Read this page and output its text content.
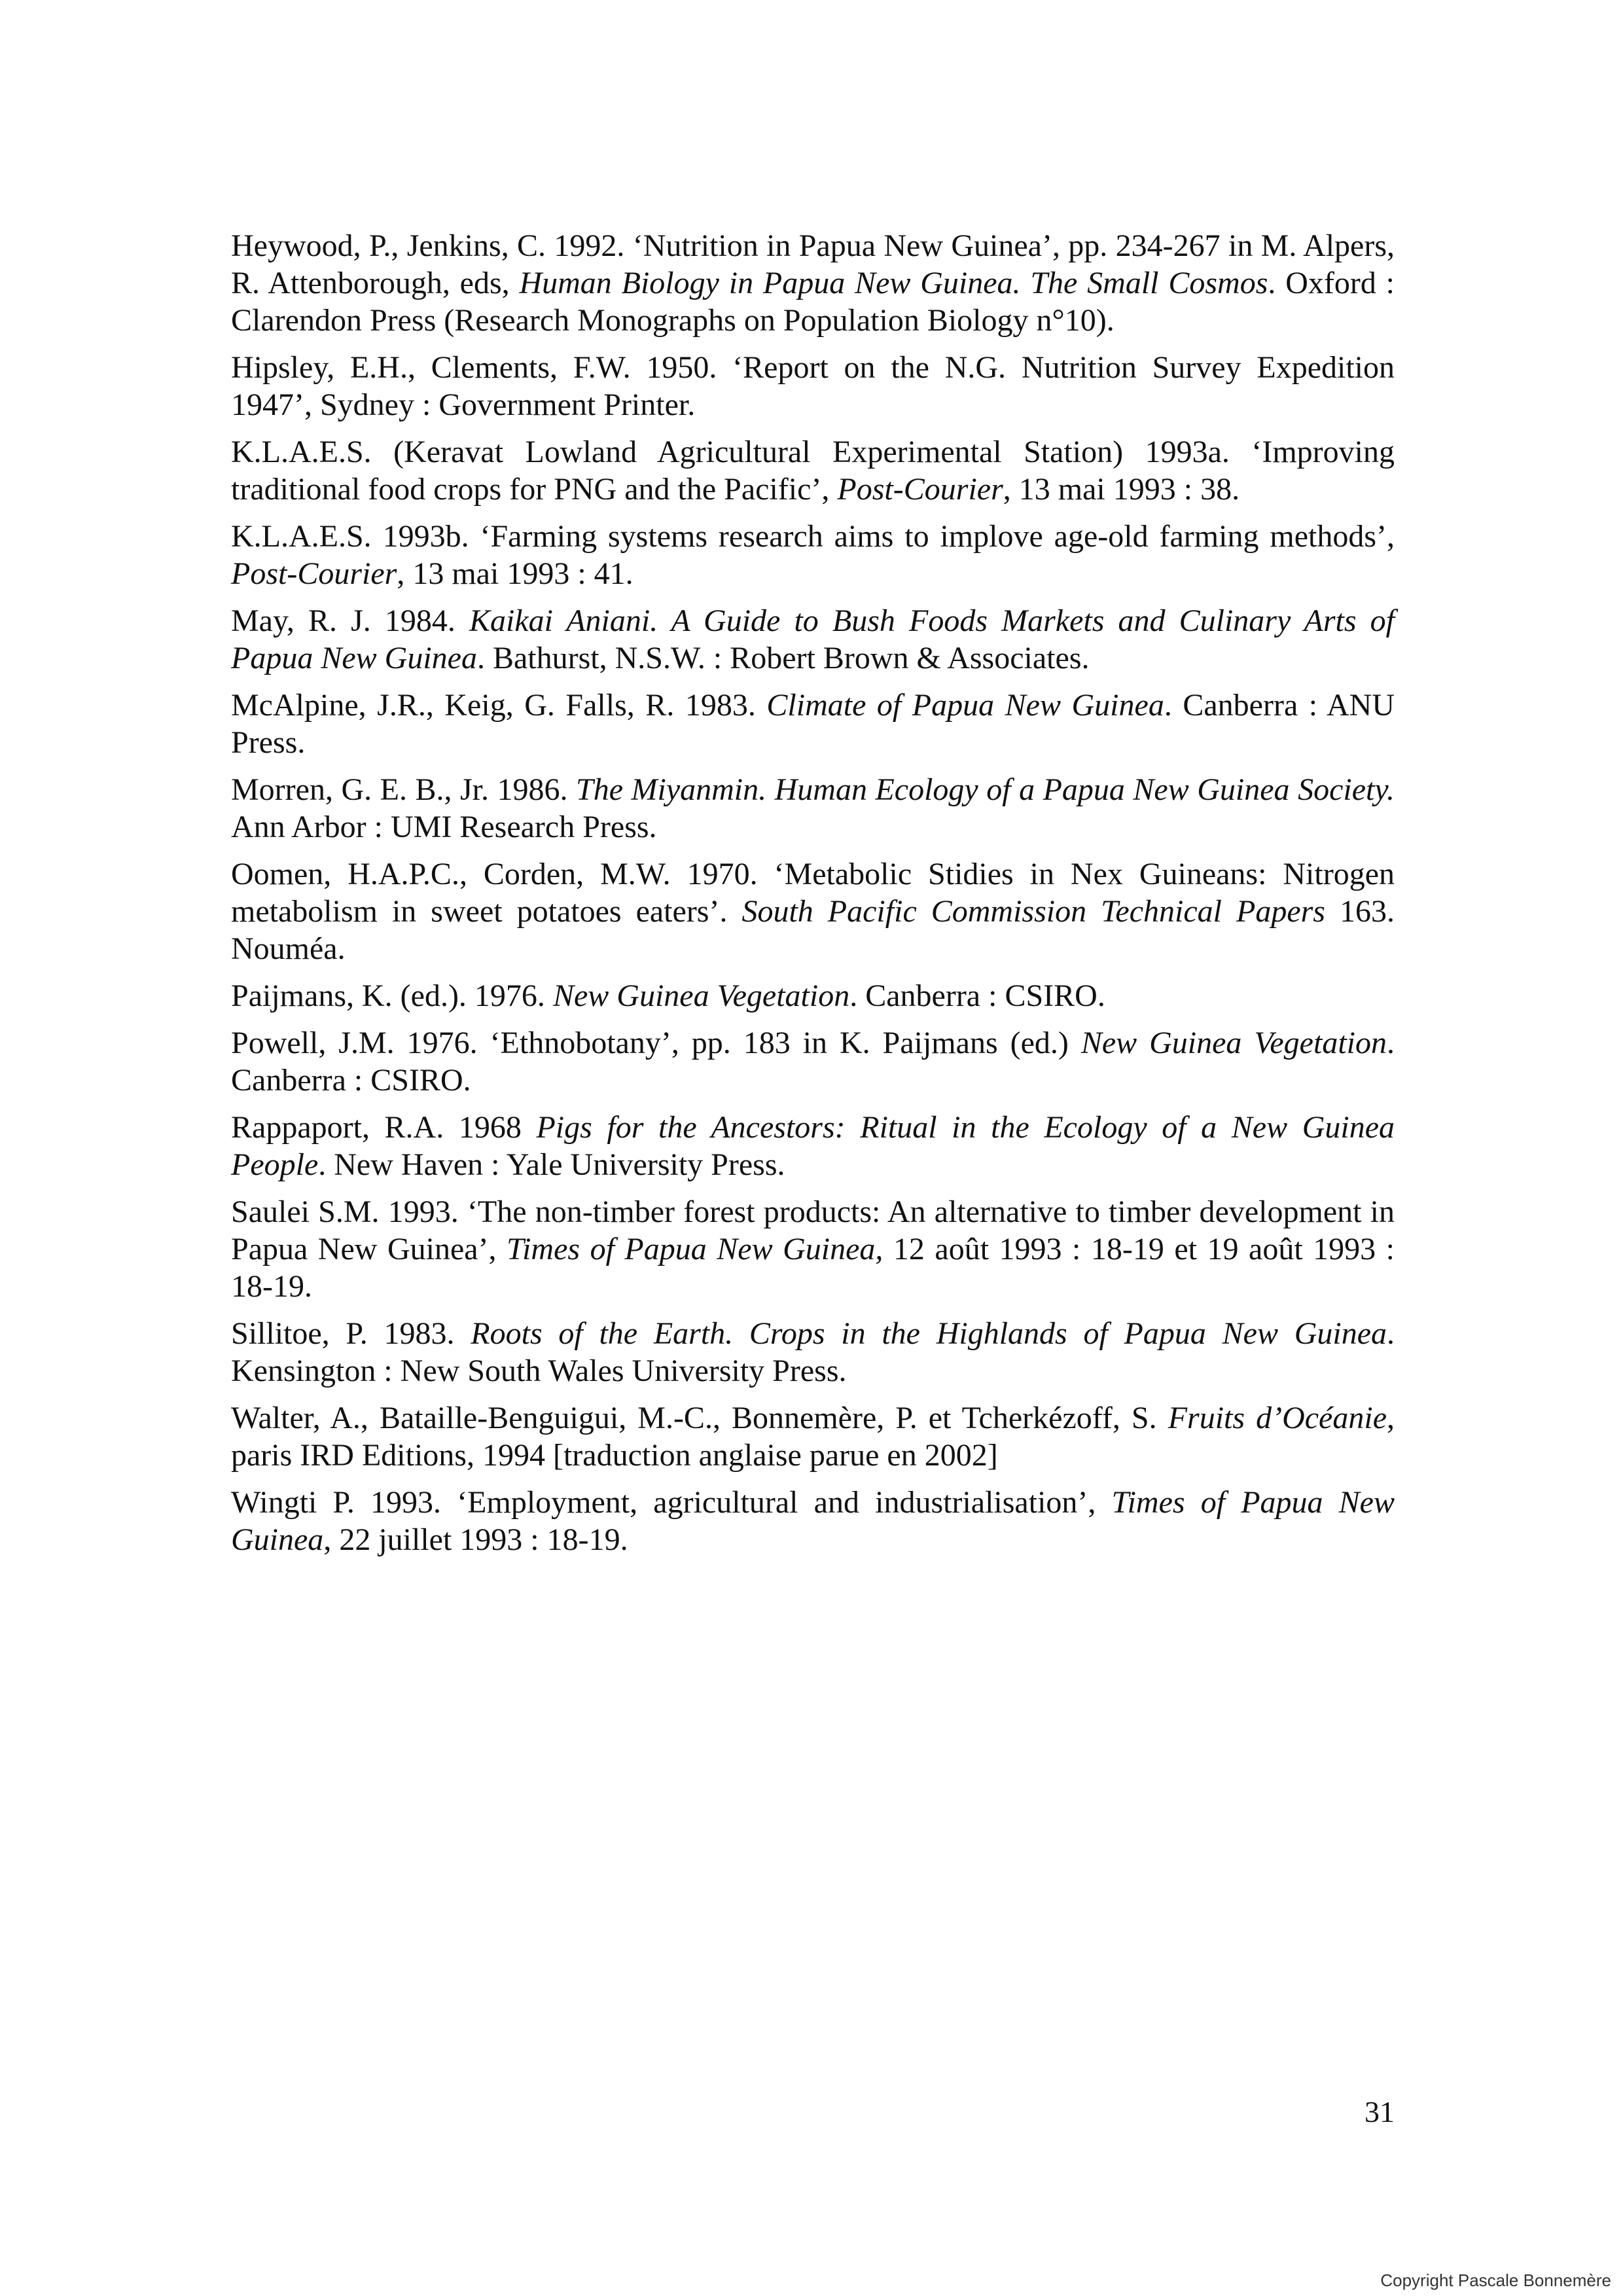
Heywood, P., Jenkins, C. 1992. ‘Nutrition in Papua New Guinea’, pp. 234-267 in M. Alpers, R. Attenborough, eds, Human Biology in Papua New Guinea. The Small Cosmos. Oxford : Clarendon Press (Research Monographs on Population Biology n°10).

Hipsley, E.H., Clements, F.W. 1950. ‘Report on the N.G. Nutrition Survey Expedition 1947’, Sydney : Government Printer.

K.L.A.E.S. (Keravat Lowland Agricultural Experimental Station) 1993a. ‘Improving traditional food crops for PNG and the Pacific’, Post-Courier, 13 mai 1993 : 38.

K.L.A.E.S. 1993b. ‘Farming systems research aims to implove age-old farming methods’, Post-Courier, 13 mai 1993 : 41.

May, R. J. 1984. Kaikai Aniani. A Guide to Bush Foods Markets and Culinary Arts of Papua New Guinea. Bathurst, N.S.W. : Robert Brown & Associates.

McAlpine, J.R., Keig, G. Falls, R. 1983. Climate of Papua New Guinea. Canberra : ANU Press.

Morren, G. E. B., Jr. 1986. The Miyanmin. Human Ecology of a Papua New Guinea Society. Ann Arbor : UMI Research Press.

Oomen, H.A.P.C., Corden, M.W. 1970. ‘Metabolic Stidies in Nex Guineans: Nitrogen metabolism in sweet potatoes eaters’. South Pacific Commission Technical Papers 163. Nouméa.

Paijmans, K. (ed.). 1976. New Guinea Vegetation. Canberra : CSIRO.

Powell, J.M. 1976. ‘Ethnobotany’, pp. 183 in K. Paijmans (ed.) New Guinea Vegetation. Canberra : CSIRO.

Rappaport, R.A. 1968 Pigs for the Ancestors: Ritual in the Ecology of a New Guinea People. New Haven : Yale University Press.

Saulei S.M. 1993. ‘The non-timber forest products: An alternative to timber development in Papua New Guinea’, Times of Papua New Guinea, 12 août 1993 : 18-19 et 19 août 1993 : 18-19.

Sillitoe, P. 1983. Roots of the Earth. Crops in the Highlands of Papua New Guinea. Kensington : New South Wales University Press.

Walter, A., Bataille-Benguigui, M.-C., Bonnemère, P. et Tcherkézoff, S. Fruits d’Océanie, paris IRD Editions, 1994 [traduction anglaise parue en 2002]

Wingti P. 1993. ‘Employment, agricultural and industrialisation’, Times of Papua New Guinea, 22 juillet 1993 : 18-19.

31
Copyright Pascale Bonnemère
